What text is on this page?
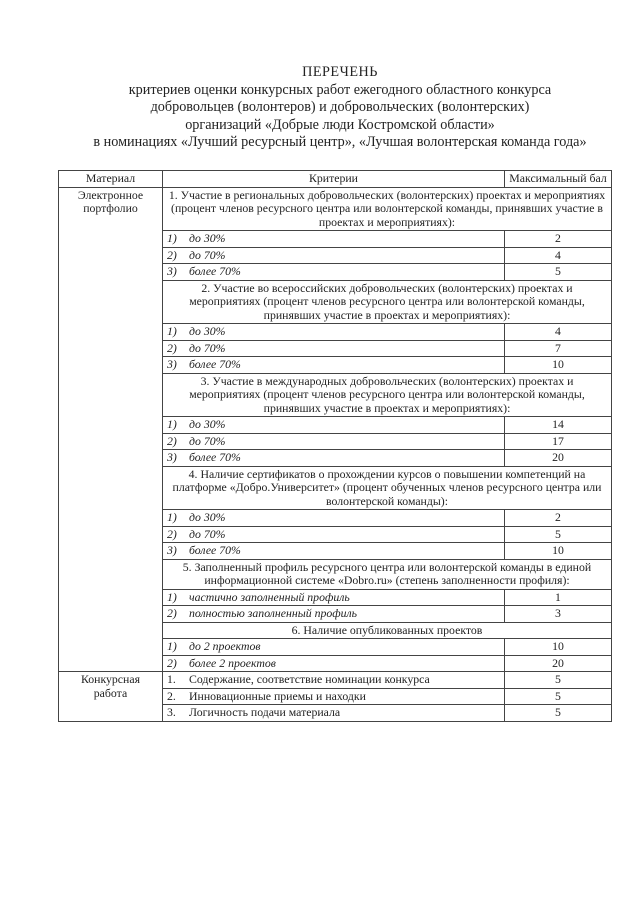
ПЕРЕЧЕНЬ
критериев оценки конкурсных работ ежегодного областного конкурса
добровольцев (волонтеров) и добровольческих (волонтерских)
организаций «Добрые люди Костромской области»
в номинациях «Лучший ресурсный центр», «Лучшая волонтерская команда года»
Материал	Критерии	Максимальный бал
Электронное портфолио	1. Участие в региональных добровольческих (волонтерских) проектах и мероприятиях (процент членов ресурсного центра или волонтерской команды, принявших участие в проектах и мероприятиях):	
	1) до 30%	2
	2) до 70%	4
	3) более 70%	5
	2. Участие во всероссийских добровольческих (волонтерских) проектах и мероприятиях (процент членов ресурсного центра или волонтерской команды, принявших участие в проектах и мероприятиях):	
	1) до 30%	4
	2) до 70%	7
	3) более 70%	10
	3. Участие в международных добровольческих (волонтерских) проектах и мероприятиях (процент членов ресурсного центра или волонтерской команды, принявших участие в проектах и мероприятиях):	
	1) до 30%	14
	2) до 70%	17
	3) более 70%	20
	4. Наличие сертификатов о прохождении курсов о повышении компетенций на платформе «Добро.Университет» (процент обученных членов ресурсного центра или волонтерской команды):	
	1) до 30%	2
	2) до 70%	5
	3) более 70%	10
	5. Заполненный профиль ресурсного центра или волонтерской команды в единой информационной системе «Dobro.ru» (степень заполненности профиля):	
	1) частично заполненный профиль	1
	2) полностью заполненный профиль	3
	6. Наличие опубликованных проектов	
	1) до 2 проектов	10
	2) более 2 проектов	20
Конкурсная работа	1. Содержание, соответствие номинации конкурса	5
	2. Инновационные приемы и находки	5
	3. Логичность подачи материала	5
